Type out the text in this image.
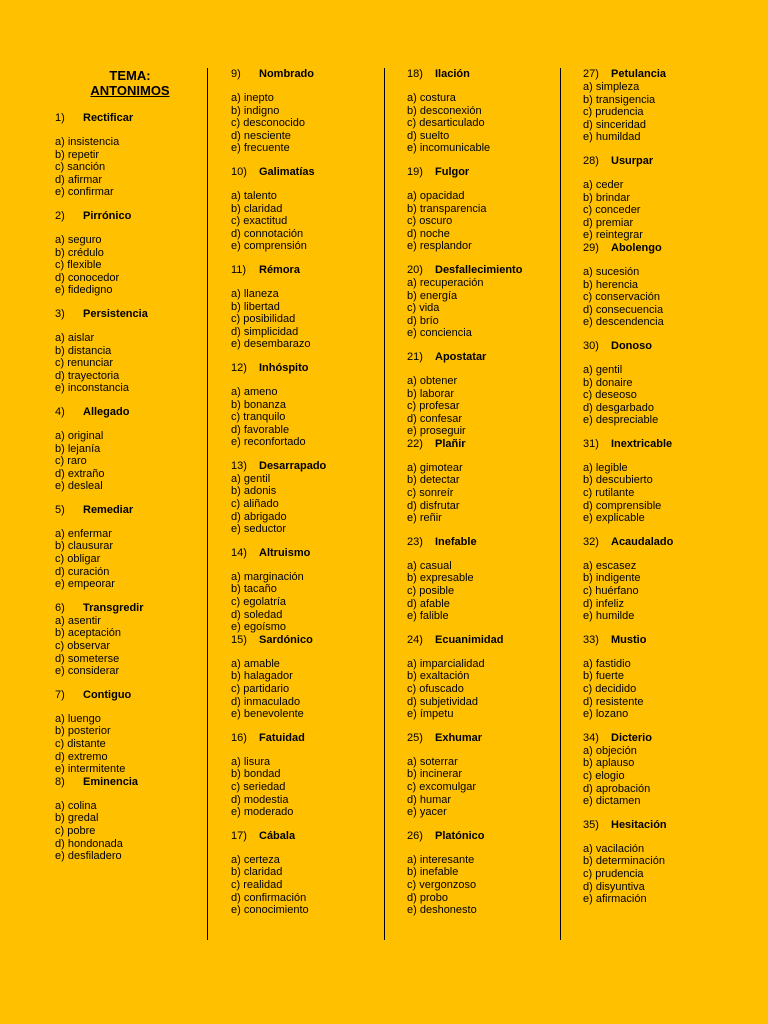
TEMA:
ANTONIMOS
1) Rectificar
a) insistencia
b) repetir
c) sanción
d) afirmar
e) confirmar
2) Pirrónico
a) seguro
b) crédulo
c) flexible
d) conocedor
e) fidedigno
3) Persistencia
a) aislar
b) distancia
c) renunciar
d) trayectoria
e) inconstancia
4) Allegado
a) original
b) lejanía
c) raro
d) extraño
e) desleal
5) Remediar
a) enfermar
b) clausurar
c) obligar
d) curación
e) empeorar
6) Transgredir
a) asentir
b) aceptación
c) observar
d) someterse
e) considerar
7) Contiguo
a) luengo
b) posterior
c) distante
d) extremo
e) intermitente
8) Eminencia
a) colina
b) gredal
c) pobre
d) hondonada
e) desfiladero
9) Nombrado
a) inepto
b) indigno
c) desconocido
d) nesciente
e) frecuente
10) Galimatías
a) talento
b) claridad
c) exactitud
d) connotación
e) comprensión
11) Rémora
a) llaneza
b) libertad
c) posibilidad
d) simplicidad
e) desembarazo
12) Inhóspito
a) ameno
b) bonanza
c) tranquilo
d) favorable
e) reconfortado
13) Desarrapado
a) gentil
b) adonis
c) aliñado
d) abrigado
e) seductor
14) Altruismo
a) marginación
b) tacaño
c) egolatría
d) soledad
e) egoísmo
15) Sardónico
a) amable
b) halagador
c) partidario
d) inmaculado
e) benevolente
16) Fatuidad
a) lisura
b) bondad
c) seriedad
d) modestia
e) moderado
17) Cábala
a) certeza
b) claridad
c) realidad
d) confirmación
e) conocimiento
18) Ilación
a) costura
b) desconexión
c) desarticulado
d) suelto
e) incomunicable
19) Fulgor
a) opacidad
b) transparencia
c) oscuro
d) noche
e) resplandor
20) Desfallecimiento
a) recuperación
b) energía
c) vida
d) brío
e) conciencia
21) Apostatar
a) obtener
b) laborar
c) profesar
d) confesar
e) proseguir
22) Plañir
a) gimotear
b) detectar
c) sonreír
d) disfrutar
e) reñir
23) Inefable
a) casual
b) expresable
c) posible
d) afable
e) falible
24) Ecuanimidad
a) imparcialidad
b) exaltación
c) ofuscado
d) subjetividad
e) ímpetu
25) Exhumar
a) soterrar
b) incinerar
c) excomulgar
d) humar
e) yacer
26) Platónico
a) interesante
b) inefable
c) vergonzoso
d) probo
e) deshonesto
27) Petulancia
a) simpleza
b) transigencia
c) prudencia
d) sinceridad
e) humildad
28) Usurpar
a) ceder
b) brindar
c) conceder
d) premiar
e) reintegrar
29) Abolengo
a) sucesión
b) herencia
c) conservación
d) consecuencia
e) descendencia
30) Donoso
a) gentil
b) donaire
c) deseoso
d) desgarbado
e) despreciable
31) Inextricable
a) legible
b) descubierto
c) rutilante
d) comprensible
e) explicable
32) Acaudalado
a) escasez
b) indigente
c) huérfano
d) infeliz
e) humilde
33) Mustio
a) fastidio
b) fuerte
c) decidido
d) resistente
e) lozano
34) Dicterio
a) objeción
b) aplauso
c) elogio
d) aprobación
e) dictamen
35) Hesitación
a) vacilación
b) determinación
c) prudencia
d) disyuntiva
e) afirmación
